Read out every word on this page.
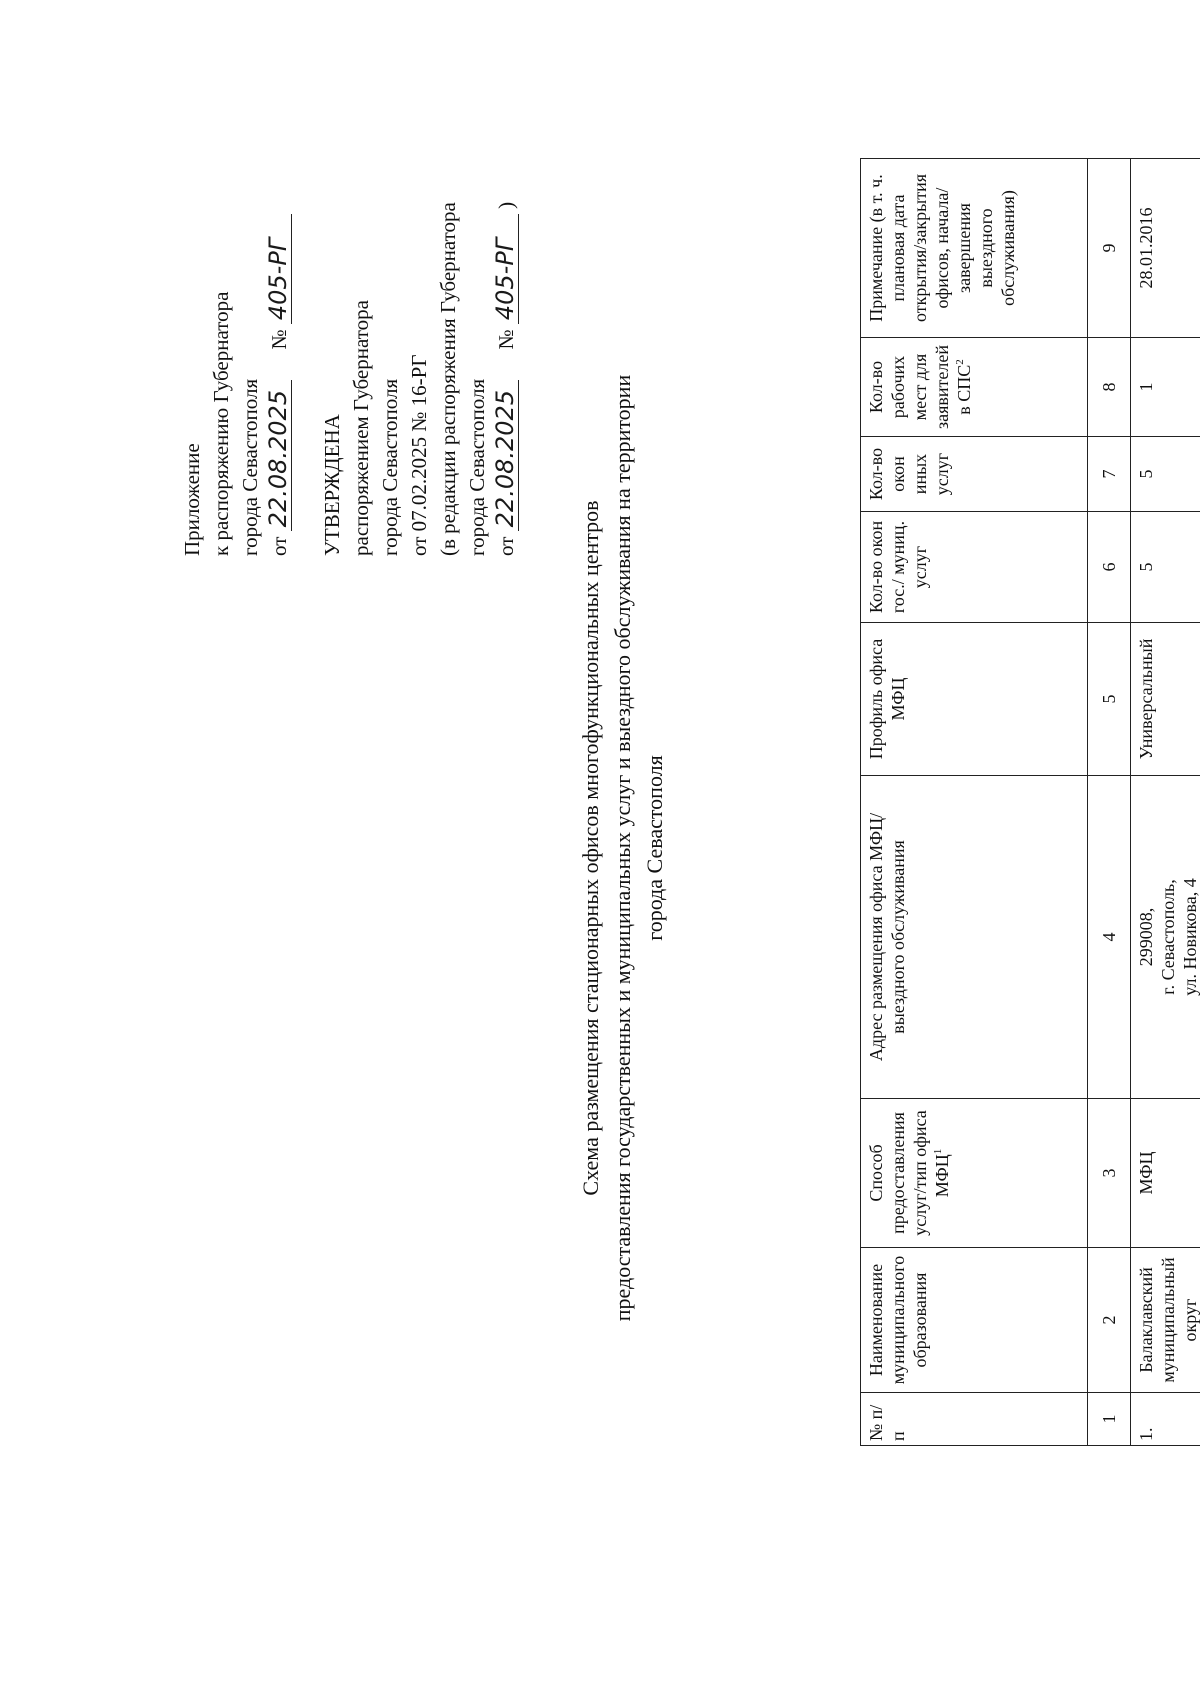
Приложение к распоряжению Губернатора города Севастополя от 22.08.2025  № 405-РГ
УТВЕРЖДЕНА распоряжением Губернатора города Севастополя от 07.02.2025 № 16-РГ (в редакции распоряжения Губернатора города Севастополя от 22.08.2025  № 405-РГ )
Схема размещения стационарных офисов многофункциональных центров предоставления государственных и муниципальных услуг и выездного обслуживания на территории города Севастополя
№ п/п	Наименование муниципального образования	Способ предоставления услуг/тип офиса МФЦ$^1$	Адрес размещения офиса МФЦ/ выездного обслуживания	Профиль офиса МФЦ	Кол-во окон гос./ муниц. услуг	Кол-во окон иных услуг	Кол-во рабочих мест для заявителей в СПС$^2$	Примечание (в т. ч. плановая дата открытия/закрытия офисов, начала/завершения выездного обслуживания)
1	2	3	4	5	6	7	8	9
1.	Балаклавский муниципальный округ	МФЦ	299008, г. Севастополь, ул. Новикова, 4	Универсальный	5	5	1	28.01.2016
